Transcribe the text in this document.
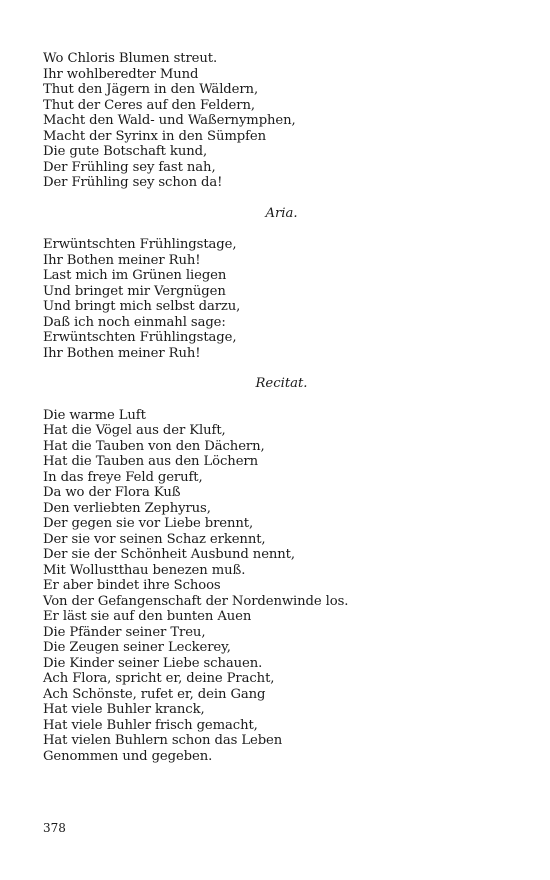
Wo Chloris Blumen streut.
Ihr wohlberedter Mund
Thut den Jägern in den Wäldern,
Thut der Ceres auf den Feldern,
Macht den Wald- und Waßernymphen,
Macht der Syrinx in den Sümpfen
Die gute Botschaft kund,
Der Frühling sey fast nah,
Der Frühling sey schon da!
Aria.
Erwüntschten Frühlingstage,
Ihr Bothen meiner Ruh!
Last mich im Grünen liegen
Und bringet mir Vergnügen
Und bringt mich selbst darzu,
Daß ich noch einmahl sage:
Erwüntschten Frühlingstage,
Ihr Bothen meiner Ruh!
Recitat.
Die warme Luft
Hat die Vögel aus der Kluft,
Hat die Tauben von den Dächern,
Hat die Tauben aus den Löchern
In das freye Feld geruft,
Da wo der Flora Kuß
Den verliebten Zephyrus,
Der gegen sie vor Liebe brennt,
Der sie vor seinen Schaz erkennt,
Der sie der Schönheit Ausbund nennt,
Mit Wollustthau benezen muß.
Er aber bindet ihre Schoos
Von der Gefangenschaft der Nordenwinde los.
Er läst sie auf den bunten Auen
Die Pfänder seiner Treu,
Die Zeugen seiner Leckerey,
Die Kinder seiner Liebe schauen.
Ach Flora, spricht er, deine Pracht,
Ach Schönste, rufet er, dein Gang
Hat viele Buhler kranck,
Hat viele Buhler frisch gemacht,
Hat vielen Buhlern schon das Leben
Genommen und gegeben.
378
